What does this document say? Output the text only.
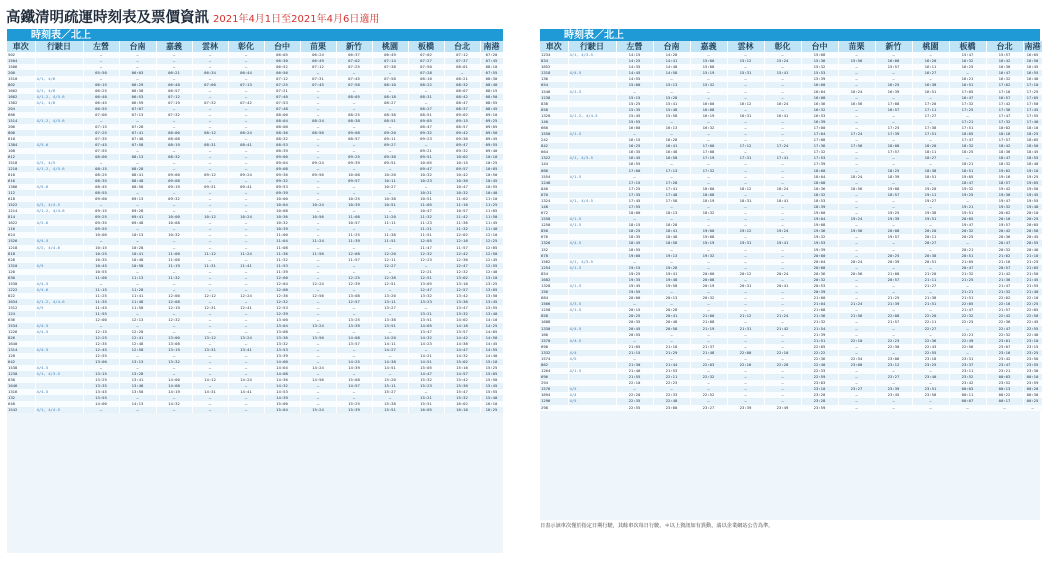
高鐵清明疏運時刻表及票價資訊 2021年4月1日至2021年4月6日適用
時刻表／北上
車次	行駛日	左營	台南	嘉義	雲林	彰化	台中	苗栗	新竹	桃園	板橋	台北	南港
502		—	—	—	—	—	06:05	06:24	06:37	06:49	07:02	07:12	07:20
1504		—	—	—	—	—	06:30	06:49	07:02	07:14	07:27	07:37	07:45
1506		—	—	—	—	—	06:52	07:12	07:25	07:38	07:50	08:01	08:10
200		05:50	06:03	06:21	06:34	06:44	06:56	—	—	—	07:28	—	07:55
1510	4/1, 4/6	—	—	—	—	—	07:12	07:31	07:45	07:58	08:10	08:21	08:30
802		06:15	06:29	06:48	07:00	07:13	07:25	07:45	07:58	08:10	08:22	08:32	08:40
1602	4/1, 4/6	06:25	06:38	06:57	—	—	07:21	—	—	—	—	08:07	08:15
1602	4/1-2, 4/5-6	06:40	06:53	07:12	—	—	07:40	—	08:05	08:18	08:31	08:42	08:50
1302	4/1, 4/6	06:45	06:59	07:19	07:32	07:42	07:53	—	—	08:27	—	08:47	08:55
204		06:55	07:07	—	—	—	07:48	—	—	—	08:27	08:37	08:45
686		07:00	07:13	07:32	—	—	08:00	—	08:25	08:38	08:51	09:02	09:10
1514	4/1-2, 4/5-6	—	—	—	—	—	08:04	08:24	08:38	08:51	09:05	09:15	09:25
206		07:15	07:28	—	—	—	08:08	—	—	—	08:47	08:57	09:05
806		07:25	07:41	08:00	08:12	08:24	08:36	08:56	09:08	09:20	09:32	09:42	09:50
610		07:35	07:48	08:08	—	—	08:32	—	08:57	09:11	09:23	09:36	09:45
1384	4/5-6	07:45	07:58	08:19	08:31	08:41	08:53	—	—	09:27	—	09:47	09:55
108		07:55	—	—	—	—	08:39	—	—	—	09:21	09:32	09:40
612		08:00	08:13	08:32	—	—	09:00	—	09:25	09:38	09:51	10:02	10:10
1518	4/2, 4/5	—	—	—	—	—	09:04	09:24	09:39	09:51	10:05	10:15	10:25
1210	4/1-2, 4/5-6	08:15	08:28	—	—	—	09:08	—	—	—	09:47	09:57	10:05
810		08:25	08:41	09:00	09:12	09:24	09:36	09:56	10:08	10:20	10:32	10:42	10:50
616		08:35	08:48	09:08	—	—	09:32	—	09:57	10:11	10:23	10:36	10:45
1386	4/5-6	08:45	08:58	09:19	09:31	09:41	09:53	—	—	10:27	—	10:47	10:55
112		08:55	—	—	—	—	09:39	—	—	—	10:21	10:32	10:40
618		09:00	09:13	09:32	—	—	10:00	—	10:25	10:38	10:51	11:02	11:10
1522	4/2, 4/4-5	—	—	—	—	—	10:04	10:24	10:39	10:51	11:05	11:16	11:25
1214	4/1-2, 4/4-6	09:15	09:28	—	—	—	10:08	—	—	—	10:47	10:57	11:05
814		09:25	09:41	10:00	10:12	10:24	10:36	10:56	11:08	11:20	11:32	11:42	11:50
1622	4/2-6	09:35	09:48	10:08	—	—	10:32	—	10:57	11:11	11:23	11:36	11:45
116		09:55	—	—	—	—	10:39	—	—	—	11:21	11:32	11:40
624		10:00	10:13	10:32	—	—	11:00	—	11:25	11:38	11:51	12:02	12:10
1526	4/4-5	—	—	—	—	—	11:04	11:24	11:39	11:51	12:05	12:16	12:25
1218	4/2, 4/4-6	10:15	10:28	—	—	—	11:08	—	—	—	11:47	11:57	12:05
818		10:25	10:41	11:00	11:12	11:24	11:36	11:56	12:08	12:20	12:32	12:42	12:50
628		10:35	10:48	11:08	—	—	11:32	—	11:57	12:11	12:23	12:36	12:45
1310	4/5	10:45	10:58	11:19	11:31	11:41	11:53	—	—	12:27	—	12:47	12:55
120		10:55	—	—	—	—	11:39	—	—	—	12:21	12:32	12:40
630		11:00	11:13	11:32	—	—	12:00	—	12:25	12:38	12:51	13:02	13:10
1530	4/4-5	—	—	—	—	—	12:04	12:24	12:39	12:51	13:05	13:16	13:25
1222	4/4-6	11:15	11:28	—	—	—	12:08	—	—	—	12:47	12:57	13:05
822		11:25	11:41	12:00	12:12	12:24	12:36	12:56	13:08	13:20	13:32	13:42	13:50
1634	4/1-2, 4/4-6	11:35	11:48	12:08	—	—	12:32	—	12:57	13:11	13:23	13:36	13:45
1312	4/5	11:45	11:58	12:19	12:31	12:41	12:53	—	—	13:27	—	13:47	13:55
124		11:55	—	—	—	—	12:39	—	—	—	13:21	13:32	13:40
636		12:00	12:13	12:32	—	—	13:00	—	13:25	13:38	13:51	14:02	14:10
1534	4/4-5	—	—	—	—	—	13:04	13:24	13:39	13:51	14:05	14:16	14:25
1226	4/4-5	12:15	12:28	—	—	—	13:08	—	—	—	13:47	13:57	14:05
826		12:25	12:41	13:00	13:12	13:24	13:36	13:56	14:08	14:20	14:32	14:42	14:50
1640		12:35	12:48	13:08	—	—	13:32	—	13:57	14:11	14:23	14:36	14:45
1314	4/4-5	12:45	12:58	13:19	13:31	13:41	13:53	—	—	14:27	—	14:47	14:55
128		12:55	—	—	—	—	13:39	—	—	—	14:21	14:32	14:40
642		13:00	13:13	13:32	—	—	14:00	—	14:25	14:38	14:51	15:02	15:10
1538	4/4-5	—	—	—	—	—	14:04	14:24	14:39	14:51	15:05	15:16	15:25
1230	4/1, 4/3-5	13:15	13:28	—	—	—	14:08	—	—	—	14:47	14:57	15:05
830		13:25	13:41	14:00	14:12	14:24	14:36	14:56	15:08	15:20	15:32	15:42	15:50
1646		13:35	13:48	14:08	—	—	14:32	—	14:57	15:11	15:23	15:36	15:45
1316	4/4-5	13:45	13:58	14:19	14:31	14:41	14:53	—	—	15:27	—	15:47	15:55
132		13:55	—	—	—	—	14:39	—	—	—	15:21	15:32	15:40
648		14:00	14:13	14:32	—	—	15:00	—	15:25	15:38	15:51	16:02	16:10
1542	4/1, 4/4-5	—	—	—	—	—	15:04	15:24	15:39	15:51	16:05	16:16	16:25
時刻表／北上
車次	行駛日	左營	台南	嘉義	雲林	彰化	台中	苗栗	新竹	桃園	板橋	台北	南港
1234	4/1, 4/3-5	14:15	14:28	—	—	—	15:08	—	—	—	15:47	15:57	16:05
834		14:25	14:41	15:00	15:12	15:24	15:36	15:56	16:08	16:20	16:32	16:42	16:50
1652		14:35	14:48	15:08	—	—	15:32	—	15:57	16:11	16:25	16:36	16:45
1318	4/4-5	14:45	14:58	15:19	15:31	15:41	15:53	—	—	16:27	—	16:47	16:55
136		14:55	—	—	—	—	15:39	—	—	—	16:21	16:32	16:40
654		15:00	15:13	15:32	—	—	16:00	—	16:25	16:38	16:51	17:02	17:10
1546	4/1-5	—	—	—	—	—	16:04	16:24	16:39	16:51	17:05	17:16	17:25
1238		15:15	15:28	—	—	—	16:08	—	—	—	16:47	16:57	17:05
838		15:25	15:41	16:00	16:12	16:24	16:36	16:56	17:08	17:20	17:32	17:42	17:50
658		15:35	15:48	16:08	—	—	16:32	—	16:57	17:11	17:25	17:36	17:45
1320	4/1-2, 4/4-5	15:45	15:58	16:19	16:31	16:41	16:53	—	—	17:27	—	17:47	17:55
140		15:55	—	—	—	—	16:39	—	—	—	17:21	17:32	17:40
660		16:00	16:13	16:32	—	—	17:00	—	17:25	17:38	17:51	18:02	18:10
1550	4/1-5	—	—	—	—	—	17:04	17:24	17:39	17:51	18:05	18:16	18:25
242		16:15	16:28	—	—	—	17:08	—	—	—	17:47	17:57	18:05
842		16:25	16:41	17:00	17:12	17:24	17:36	17:56	18:08	18:20	18:32	18:42	18:50
664		16:35	16:48	17:08	—	—	17:32	—	17:57	18:11	18:25	18:36	18:45
1322	4/1, 4/3-5	16:45	16:58	17:19	17:31	17:41	17:53	—	—	18:27	—	18:47	18:55
144		16:55	—	—	—	—	17:39	—	—	—	18:21	18:32	18:40
666		17:00	17:13	17:32	—	—	18:00	—	18:25	18:38	18:51	19:02	19:10
1554	4/1-5	—	—	—	—	—	18:04	18:24	18:39	18:51	19:05	19:16	19:25
1246		17:15	17:28	—	—	—	18:08	—	—	—	18:47	18:57	19:05
846		17:25	17:41	18:00	18:12	18:24	18:36	18:56	19:08	19:20	19:32	19:42	19:50
670		17:35	17:48	18:08	—	—	18:32	—	18:57	19:11	19:25	19:36	19:45
1324	4/1, 4/4-5	17:45	17:58	18:19	18:31	18:41	18:53	—	—	19:27	—	19:47	19:55
148		17:55	—	—	—	—	18:39	—	—	—	19:21	19:32	19:40
672		18:00	18:13	18:32	—	—	19:00	—	19:25	19:38	19:51	20:02	20:10
1558	4/1-5	—	—	—	—	—	19:04	19:24	19:39	19:51	20:05	20:16	20:25
1250	4/1-5	18:15	18:28	—	—	—	19:08	—	—	—	19:47	19:57	20:05
850		18:25	18:41	19:00	19:12	19:24	19:36	19:56	20:08	20:20	20:32	20:42	20:50
676		18:35	18:48	19:08	—	—	19:32	—	19:57	20:11	20:25	20:36	20:45
1326	4/4-5	18:45	18:58	19:19	19:31	19:41	19:53	—	—	20:27	—	20:47	20:55
152		18:55	—	—	—	—	19:39	—	—	—	20:21	20:32	20:40
678		19:00	19:13	19:32	—	—	20:00	—	20:25	20:38	20:51	21:02	21:10
1562	4/1, 4/3-5	—	—	—	—	—	20:04	20:24	20:39	20:51	21:05	21:16	21:25
1254	4/1-5	19:15	19:28	—	—	—	20:08	—	—	—	20:47	20:57	21:05
854		19:25	19:41	20:00	20:12	20:24	20:36	20:56	21:08	21:20	21:32	21:42	21:50
1682		19:35	19:48	20:08	—	—	20:32	—	20:57	21:11	21:25	21:36	21:45
1328	4/1-5	19:45	19:58	20:19	20:31	20:41	20:53	—	—	21:27	—	21:47	21:55
156		19:55	—	—	—	—	20:39	—	—	—	21:21	21:32	21:40
684		20:00	20:13	20:32	—	—	21:00	—	21:25	21:38	21:51	22:02	22:10
1566	4/3-5	—	—	—	—	—	21:04	21:24	21:39	21:51	22:05	22:16	22:25
1258	4/1-5	20:15	20:28	—	—	—	21:08	—	—	—	21:47	21:57	22:05
858		20:25	20:41	21:00	21:12	21:24	21:36	21:56	22:08	22:20	22:32	22:42	22:50
1688		20:35	20:48	21:08	—	—	21:32	—	21:57	22:11	22:25	22:36	22:45
1330	4/4-5	20:45	20:58	21:19	21:31	21:42	21:54	—	—	22:27	—	22:47	22:55
160		20:55	—	—	—	—	21:39	—	—	—	22:21	22:32	22:40
1570	4/4-5	—	—	—	—	—	21:51	22:10	22:23	22:36	22:49	23:01	23:10
690		21:05	21:18	21:37	—	—	22:05	—	22:30	22:43	22:56	23:07	23:15
1332	4/4	21:15	21:29	21:48	22:00	22:10	22:22	—	—	22:55	—	23:16	23:25
1574	4/5	—	—	—	—	—	22:36	22:54	23:06	23:18	23:31	23:42	23:50
862		21:30	21:44	22:03	22:16	22:28	22:40	23:00	23:12	23:25	23:37	23:47	23:55
1264	4/1-5	21:40	21:53	—	—	—	22:33	—	—	—	23:11	23:21	23:30
696		21:55	22:11	22:32	—	—	22:59	—	23:27	23:40	23:52	00:03	00:10
294		22:10	22:23	—	—	—	23:03	—	—	—	23:42	23:52	23:59
1576	4/5	—	—	—	—	—	23:10	23:27	23:39	23:51	00:03	00:13	00:20
1694	4/4	22:20	22:33	22:52	—	—	23:20	—	23:45	23:58	00:11	00:22	00:30
1296	4/5	22:35	22:48	—	—	—	23:28	—	—	—	00:07	00:17	00:25
298		22:55	23:08	23:27	23:39	23:49	23:59	—	—	—	—	—	—
日表示該車次僅於指定日期行駛，其餘車次每日行駛。＊以上資訊如有異動，請以企業網站公告為準。
